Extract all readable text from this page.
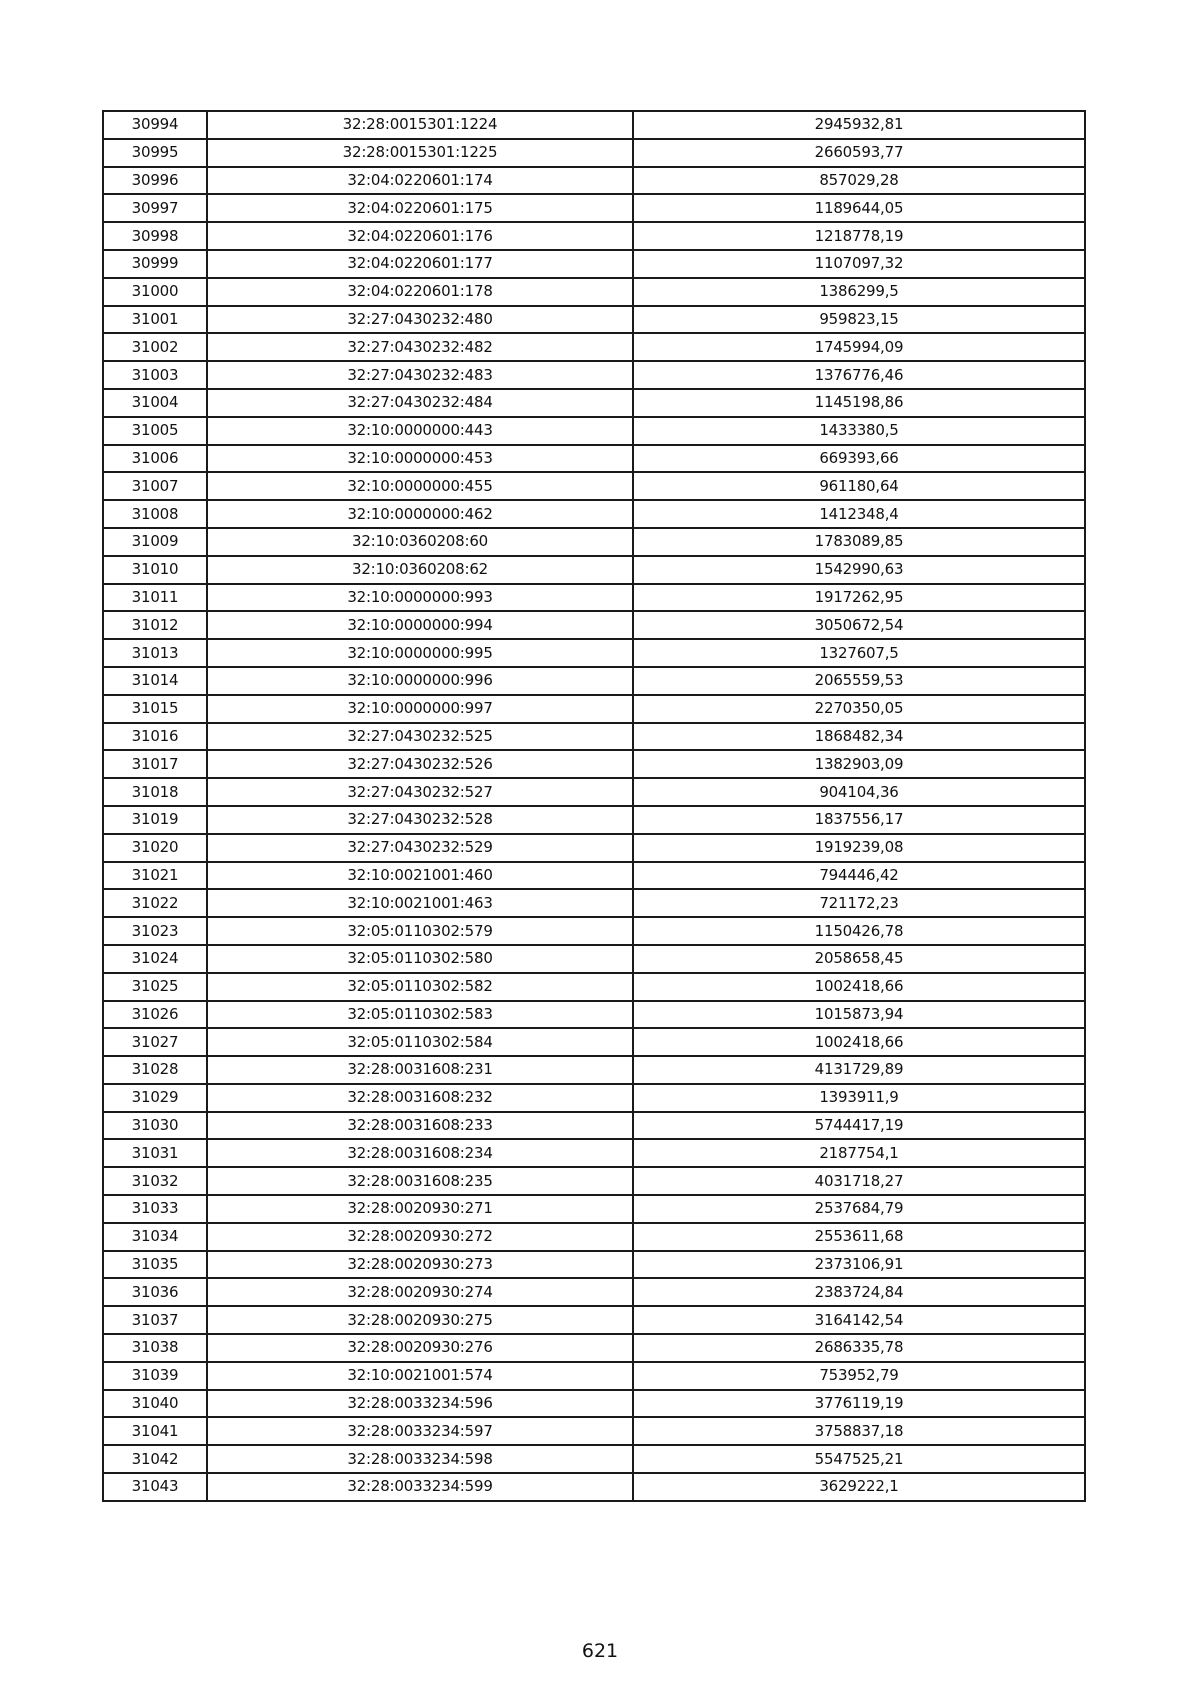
30994	32:28:0015301:1224	2945932,81
30995	32:28:0015301:1225	2660593,77
30996	32:04:0220601:174	857029,28
30997	32:04:0220601:175	1189644,05
30998	32:04:0220601:176	1218778,19
30999	32:04:0220601:177	1107097,32
31000	32:04:0220601:178	1386299,5
31001	32:27:0430232:480	959823,15
31002	32:27:0430232:482	1745994,09
31003	32:27:0430232:483	1376776,46
31004	32:27:0430232:484	1145198,86
31005	32:10:0000000:443	1433380,5
31006	32:10:0000000:453	669393,66
31007	32:10:0000000:455	961180,64
31008	32:10:0000000:462	1412348,4
31009	32:10:0360208:60	1783089,85
31010	32:10:0360208:62	1542990,63
31011	32:10:0000000:993	1917262,95
31012	32:10:0000000:994	3050672,54
31013	32:10:0000000:995	1327607,5
31014	32:10:0000000:996	2065559,53
31015	32:10:0000000:997	2270350,05
31016	32:27:0430232:525	1868482,34
31017	32:27:0430232:526	1382903,09
31018	32:27:0430232:527	904104,36
31019	32:27:0430232:528	1837556,17
31020	32:27:0430232:529	1919239,08
31021	32:10:0021001:460	794446,42
31022	32:10:0021001:463	721172,23
31023	32:05:0110302:579	1150426,78
31024	32:05:0110302:580	2058658,45
31025	32:05:0110302:582	1002418,66
31026	32:05:0110302:583	1015873,94
31027	32:05:0110302:584	1002418,66
31028	32:28:0031608:231	4131729,89
31029	32:28:0031608:232	1393911,9
31030	32:28:0031608:233	5744417,19
31031	32:28:0031608:234	2187754,1
31032	32:28:0031608:235	4031718,27
31033	32:28:0020930:271	2537684,79
31034	32:28:0020930:272	2553611,68
31035	32:28:0020930:273	2373106,91
31036	32:28:0020930:274	2383724,84
31037	32:28:0020930:275	3164142,54
31038	32:28:0020930:276	2686335,78
31039	32:10:0021001:574	753952,79
31040	32:28:0033234:596	3776119,19
31041	32:28:0033234:597	3758837,18
31042	32:28:0033234:598	5547525,21
31043	32:28:0033234:599	3629222,1
621
